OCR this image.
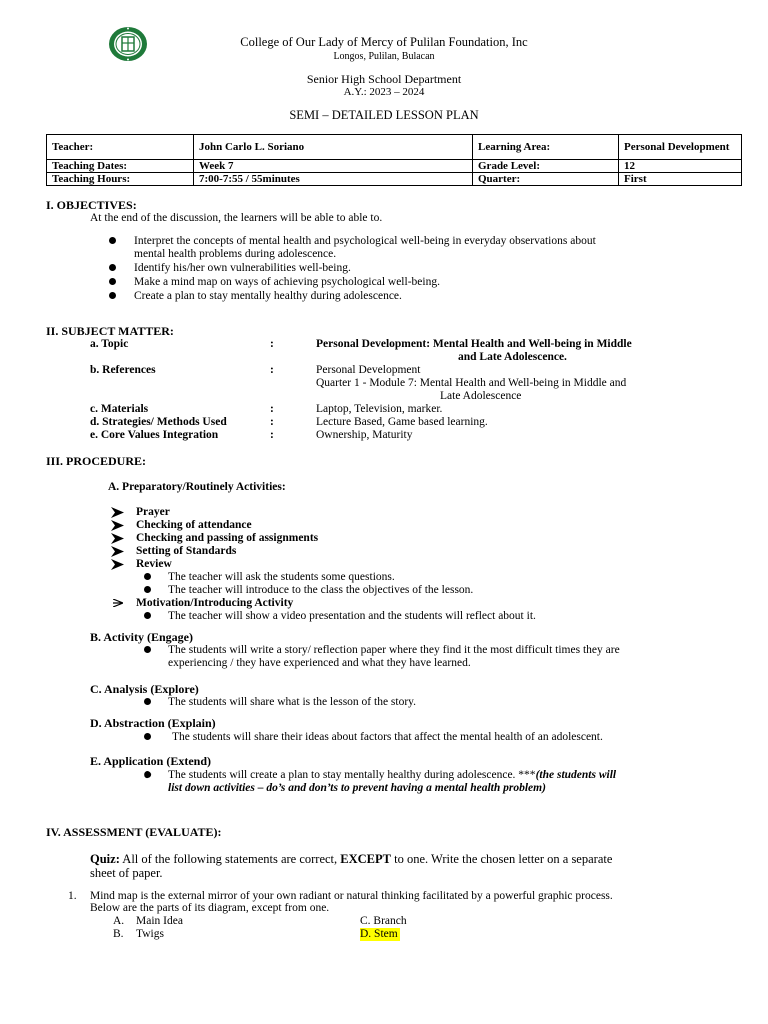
College of Our Lady of Mercy of Pulilan Foundation, Inc
Longos, Pulilan, Bulacan
Senior High School Department
A.Y.: 2023 – 2024
SEMI – DETAILED LESSON PLAN
Teacher:	John Carlo L. Soriano	Learning Area:	Personal Development
Teaching Dates:	Week 7	Grade Level:	12
Teaching Hours:	7:00-7:55 / 55minutes	Quarter:	First
I. OBJECTIVES:
At the end of the discussion, the learners will be able to able to.
Interpret the concepts of mental health and psychological well-being in everyday observations about
mental health problems during adolescence.
Identify his/her own vulnerabilities well-being.
Make a mind map on ways of achieving psychological well-being.
Create a plan to stay mentally healthy during adolescence.
II. SUBJECT MATTER:
a. Topic	:	Personal Development: Mental Health and Well-being in Middle
and Late Adolescence.
b. References	:	Personal Development
Quarter 1 - Module 7: Mental Health and Well-being in Middle and
Late Adolescence
c. Materials	:	Laptop, Television, marker.
d. Strategies/ Methods Used	:	Lecture Based, Game based learning.
e. Core Values Integration	:	Ownership, Maturity
III. PROCEDURE:
A. Preparatory/Routinely Activities:
Prayer
Checking of attendance
Checking and passing of assignments
Setting of Standards
Review
The teacher will ask the students some questions.
The teacher will introduce to the class the objectives of the lesson.
Motivation/Introducing Activity
The teacher will show a video presentation and the students will reflect about it.
B. Activity (Engage)
The students will write a story/ reflection paper where they find it the most difficult times they are
experiencing / they have experienced and what they have learned.
C. Analysis (Explore)
The students will share what is the lesson of the story.
D. Abstraction (Explain)
The students will share their ideas about factors that affect the mental health of an adolescent.
E. Application (Extend)
The students will create a plan to stay mentally healthy during adolescence. ***(the students will
list down activities – do’s and don’ts to prevent having a mental health problem)
IV. ASSESSMENT (EVALUATE):
Quiz: All of the following statements are correct, EXCEPT to one. Write the chosen letter on a separate
sheet of paper.
1. Mind map is the external mirror of your own radiant or natural thinking facilitated by a powerful graphic process.
Below are the parts of its diagram, except from one.
A. Main Idea	C. Branch
B. Twigs	D. Stem
